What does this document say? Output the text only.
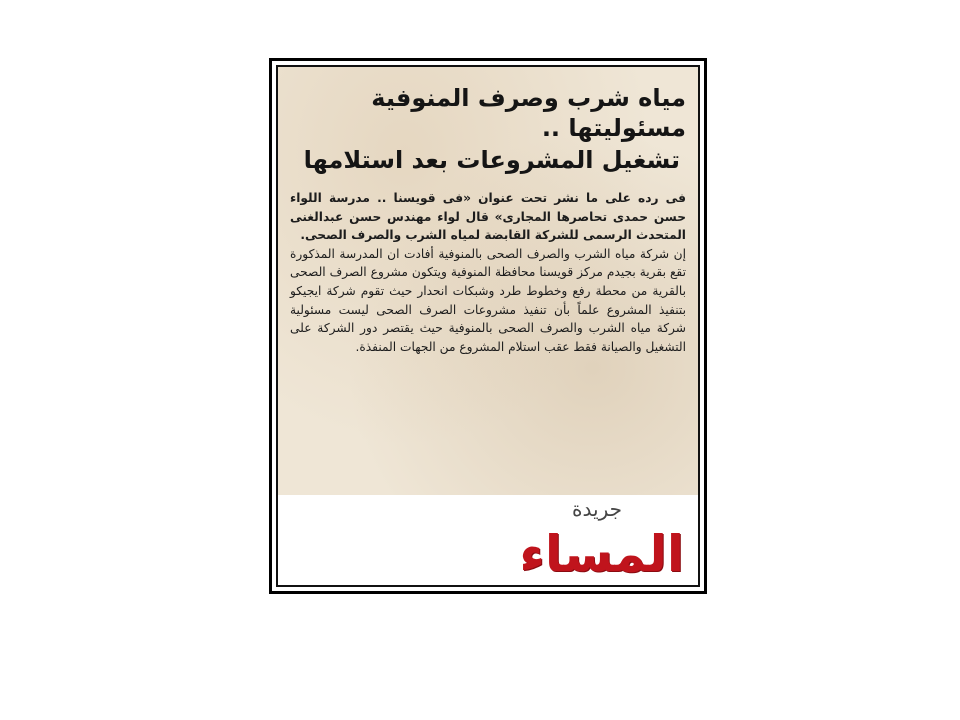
مياه شرب وصرف المنوفية مسئوليتها ..
تشغيل المشروعات بعد استلامها

فى رده على ما نشر تحت عنوان «فى قويسنا .. مدرسة اللواء حسن حمدى تحاصرها المجارى» قال لواء مهندس حسن عبدالغنى المتحدث الرسمى للشركة القابضة لمياه الشرب والصرف الصحى.

إن شركة مياه الشرب والصرف الصحى بالمنوفية أفادت ان المدرسة المذكورة تقع بقرية بجيدم مركز قويسنا محافظة المنوفية ويتكون مشروع الصرف الصحى بالقرية من محطة رفع وخطوط طرد وشبكات انحدار حيث تقوم شركة ايجيكو بتنفيذ المشروع علماً بأن تنفيذ مشروعات الصرف الصحى ليست مسئولية شركة مياه الشرب والصرف الصحى بالمنوفية حيث يقتصر دور الشركة على التشغيل والصيانة فقط عقب استلام المشروع من الجهات المنفذة.

جريدة
المساء
